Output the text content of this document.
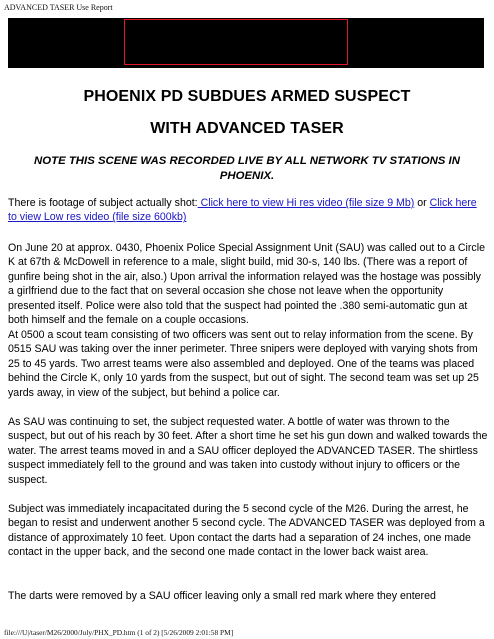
ADVANCED TASER Use Report
PHOENIX PD SUBDUES ARMED SUSPECT
WITH ADVANCED TASER
NOTE THIS SCENE WAS RECORDED LIVE BY ALL NETWORK TV STATIONS IN PHOENIX.

There is footage of subject actually shot: Click here to view Hi res video (file size 9 Mb) or Click here to view Low res video (file size 600kb)

On June 20 at approx. 0430, Phoenix Police Special Assignment Unit (SAU) was called out to a Circle K at 67th & McDowell in reference to a male, slight build, mid 30-s, 140 lbs. (There was a report of gunfire being shot in the air, also.) Upon arrival the information relayed was the hostage was possibly a girlfriend due to the fact that on several occasion she chose not leave when the opportunity presented itself. Police were also told that the suspect had pointed the .380 semi-automatic gun at both himself and the female on a couple occasions.

At 0500 a scout team consisting of two officers was sent out to relay information from the scene. By 0515 SAU was taking over the inner perimeter. Three snipers were deployed with varying shots from 25 to 45 yards. Two arrest teams were also assembled and deployed. One of the teams was placed behind the Circle K, only 10 yards from the suspect, but out of sight. The second team was set up 25 yards away, in view of the subject, but behind a police car.

As SAU was continuing to set, the subject requested water. A bottle of water was thrown to the suspect, but out of his reach by 30 feet. After a short time he set his gun down and walked towards the water. The arrest teams moved in and a SAU officer deployed the ADVANCED TASER. The shirtless suspect immediately fell to the ground and was taken into custody without injury to officers or the suspect.

Subject was immediately incapacitated during the 5 second cycle of the M26. During the arrest, he began to resist and underwent another 5 second cycle. The ADVANCED TASER was deployed from a distance of approximately 10 feet. Upon contact the darts had a separation of 24 inches, one made contact in the upper back, and the second one made contact in the lower back waist area.

The darts were removed by a SAU officer leaving only a small red mark where they entered

file:///U|/taser/M26/2000/July/PHX_PD.htm (1 of 2) [5/26/2009 2:01:58 PM]
